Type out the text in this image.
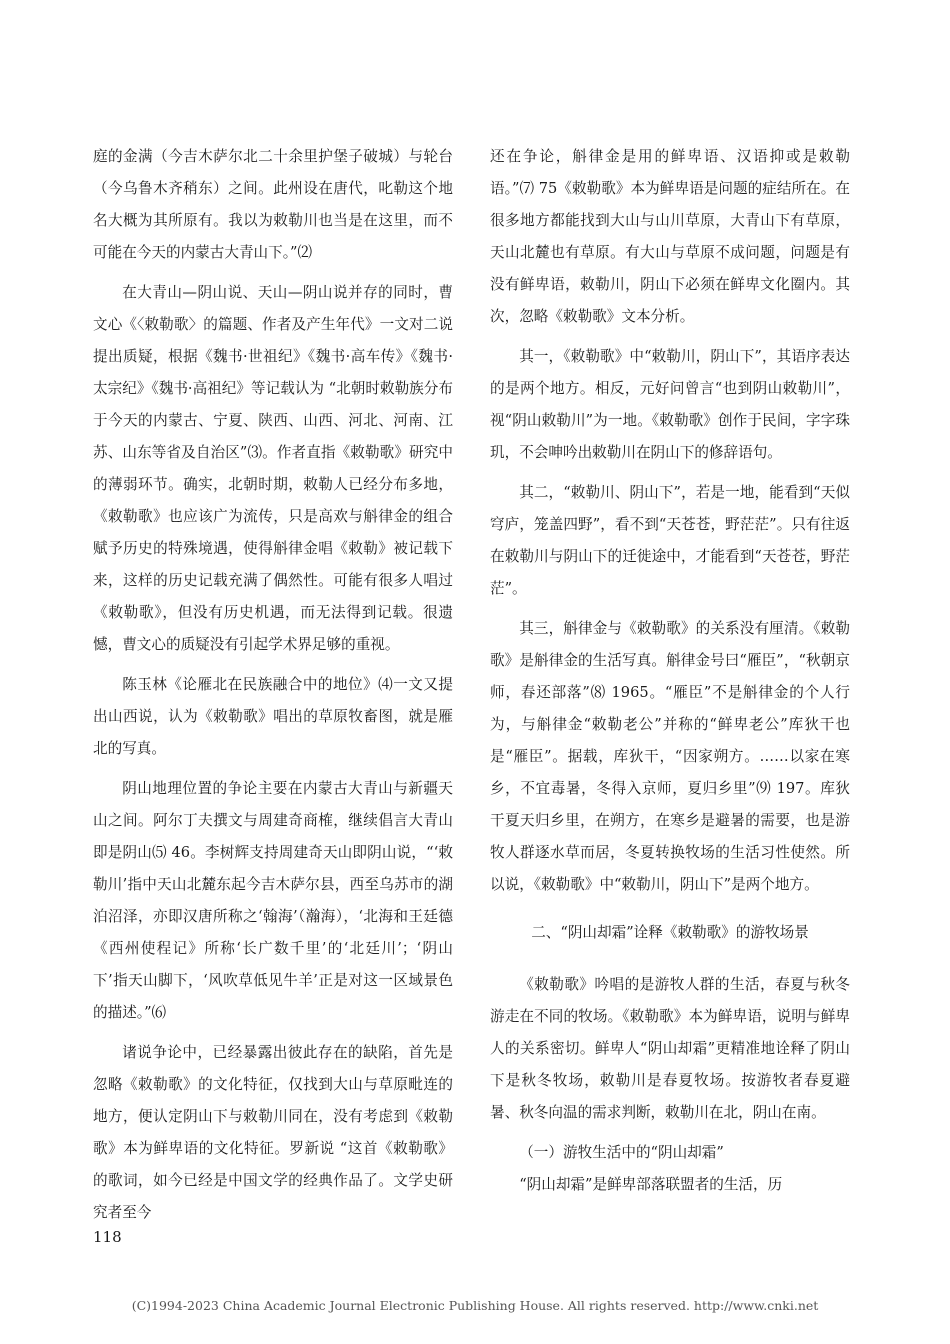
庭的金满（今吉木萨尔北二十余里护堡子破城）与轮台（今乌鲁木齐稍东）之间。此州设在唐代，叱勒这个地名大概为其所原有。我以为敕勒川也当是在这里，而不可能在今天的内蒙古大青山下。”⑵

在大青山—阴山说、天山—阴山说并存的同时，曹文心《〈敕勒歌〉的篇题、作者及产生年代》一文对二说提出质疑，根据《魏书·世祖纪》《魏书·高车传》《魏书·太宗纪》《魏书·高祖纪》等记载认为 “北朝时敕勒族分布于今天的内蒙古、宁夏、陕西、山西、河北、河南、江苏、山东等省及自治区”⑶。作者直指《敕勒歌》研究中的薄弱环节。确实，北朝时期，敕勒人已经分布多地，《敕勒歌》也应该广为流传，只是高欢与斛律金的组合赋予历史的特殊境遇，使得斛律金唱《敕勒》被记载下来，这样的历史记载充满了偶然性。可能有很多人唱过《敕勒歌》，但没有历史机遇，而无法得到记载。很遗憾，曹文心的质疑没有引起学术界足够的重视。

陈玉林《论雁北在民族融合中的地位》⑷一文又提出山西说，认为《敕勒歌》唱出的草原牧畜图，就是雁北的写真。

阴山地理位置的争论主要在内蒙古大青山与新疆天山之间。阿尔丁夫撰文与周建奇商榷，继续倡言大青山即是阴山⑸ 46。李树辉支持周建奇天山即阴山说，“‘敕勒川’指中天山北麓东起今吉木萨尔县，西至乌苏市的湖泊沼泽，亦即汉唐所称之‘翰海’（瀚海），‘北海和王廷德《西州使程记》所称‘长广数千里’的‘北廷川’；‘阴山下’指天山脚下，‘风吹草低见牛羊’正是对这一区域景色的描述。”⑹

诸说争论中，已经暴露出彼此存在的缺陷，首先是忽略《敕勒歌》的文化特征，仅找到大山与草原毗连的地方，便认定阴山下与敕勒川同在，没有考虑到《敕勒歌》本为鲜卑语的文化特征。罗新说 “这首《敕勒歌》的歌词，如今已经是中国文学的经典作品了。文学史研究者至今

还在争论，斛律金是用的鲜卑语、汉语抑或是敕勒语。”⑺ 75《敕勒歌》本为鲜卑语是问题的症结所在。在很多地方都能找到大山与山川草原，大青山下有草原，天山北麓也有草原。有大山与草原不成问题，问题是有没有鲜卑语，敕勒川，阴山下必须在鲜卑文化圈内。其次，忽略《敕勒歌》文本分析。

其一，《敕勒歌》中“敕勒川，阴山下”，其语序表达的是两个地方。相反，元好问曾言“也到阴山敕勒川”，视“阴山敕勒川”为一地。《敕勒歌》创作于民间，字字珠玑，不会呻吟出敕勒川在阴山下的修辞语句。

其二，“敕勒川、阴山下”，若是一地，能看到“天似穹庐，笼盖四野”，看不到“天苍苍，野茫茫”。只有往返在敕勒川与阴山下的迁徙途中，才能看到“天苍苍，野茫茫”。

其三，斛律金与《敕勒歌》的关系没有厘清。《敕勒歌》是斛律金的生活写真。斛律金号曰“雁臣”，“秋朝京师，春还部落”⑻ 1965。“雁臣”不是斛律金的个人行为，与斛律金“敕勒老公”并称的“鲜卑老公”库狄干也是“雁臣”。据载，库狄干，“因家朔方。……以家在寒乡，不宜毒暑，冬得入京师，夏归乡里”⑼ 197。库狄干夏天归乡里，在朔方，在寒乡是避暑的需要，也是游牧人群逐水草而居，冬夏转换牧场的生活习性使然。所以说，《敕勒歌》中“敕勒川，阴山下”是两个地方。

二、“阴山却霜”诠释《敕勒歌》的游牧场景

《敕勒歌》吟唱的是游牧人群的生活，春夏与秋冬游走在不同的牧场。《敕勒歌》本为鲜卑语，说明与鲜卑人的关系密切。鲜卑人“阴山却霜”更精准地诠释了阴山下是秋冬牧场，敕勒川是春夏牧场。按游牧者春夏避暑、秋冬向温的需求判断，敕勒川在北，阴山在南。

（一）游牧生活中的“阴山却霜”

“阴山却霜”是鲜卑部落联盟者的生活，历

118
(C)1994-2023 China Academic Journal Electronic Publishing House. All rights reserved. http://www.cnki.net
